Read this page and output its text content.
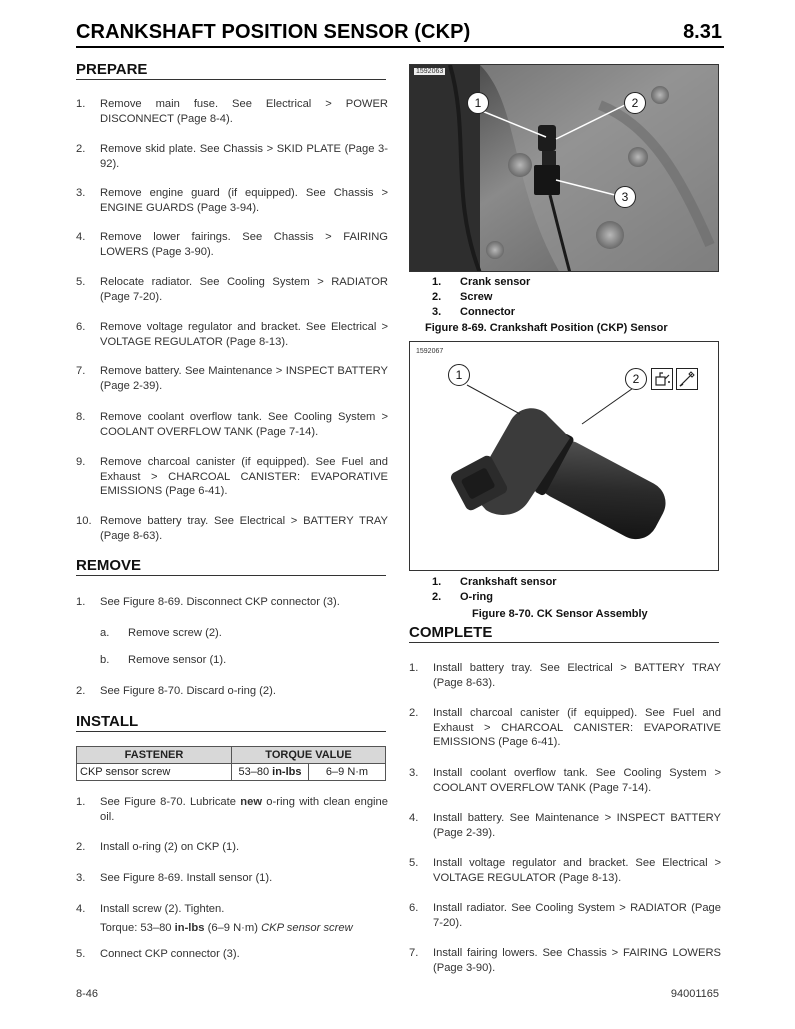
CRANKSHAFT POSITION SENSOR (CKP)	8.31
PREPARE
1. Remove main fuse. See Electrical > POWER DISCONNECT (Page 8-4).
2. Remove skid plate. See Chassis > SKID PLATE (Page 3-92).
3. Remove engine guard (if equipped). See Chassis > ENGINE GUARDS (Page 3-94).
4. Remove lower fairings. See Chassis > FAIRING LOWERS (Page 3-90).
5. Relocate radiator. See Cooling System > RADIATOR (Page 7-20).
6. Remove voltage regulator and bracket. See Electrical > VOLTAGE REGULATOR (Page 8-13).
7. Remove battery. See Maintenance > INSPECT BATTERY (Page 2-39).
8. Remove coolant overflow tank. See Cooling System > COOLANT OVERFLOW TANK (Page 7-14).
9. Remove charcoal canister (if equipped). See Fuel and Exhaust > CHARCOAL CANISTER: EVAPORATIVE EMISSIONS (Page 6-41).
10. Remove battery tray. See Electrical > BATTERY TRAY (Page 8-63).
REMOVE
1. See Figure 8-69. Disconnect CKP connector (3).
a. Remove screw (2).
b. Remove sensor (1).
2. See Figure 8-70. Discard o-ring (2).
INSTALL
FASTENER	TORQUE VALUE	
CKP sensor screw	53–80 in-lbs	6–9 N·m
1. See Figure 8-70. Lubricate new o-ring with clean engine oil.
2. Install o-ring (2) on CKP (1).
3. See Figure 8-69. Install sensor (1).
4. Install screw (2). Tighten.
Torque: 53–80 in-lbs (6–9 N·m) CKP sensor screw
5. Connect CKP connector (3).
1592063
1	2
3
1. Crank sensor
2. Screw
3. Connector
Figure 8-69. Crankshaft Position (CKP) Sensor
1592067
1	2
1. Crankshaft sensor
2. O-ring
Figure 8-70. CK Sensor Assembly
COMPLETE
1. Install battery tray. See Electrical > BATTERY TRAY (Page 8-63).
2. Install charcoal canister (if equipped). See Fuel and Exhaust > CHARCOAL CANISTER: EVAPORATIVE EMISSIONS (Page 6-41).
3. Install coolant overflow tank. See Cooling System > COOLANT OVERFLOW TANK (Page 7-14).
4. Install battery. See Maintenance > INSPECT BATTERY (Page 2-39).
5. Install voltage regulator and bracket. See Electrical > VOLTAGE REGULATOR (Page 8-13).
6. Install radiator. See Cooling System > RADIATOR (Page 7-20).
7. Install fairing lowers. See Chassis > FAIRING LOWERS (Page 3-90).
8-46	94001165
